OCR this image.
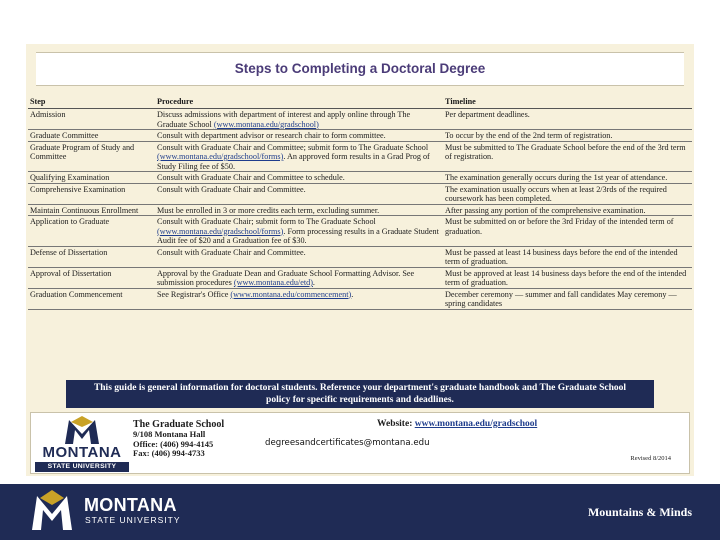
Steps to Completing a Doctoral Degree
Step	Procedure	Timeline
Admission	Discuss admissions with department of interest and apply online through The Graduate School (www.montana.edu/gradschool)	Per department deadlines.
Graduate Committee	Consult with department advisor or research chair to form committee.	To occur by the end of the 2nd term of registration.
Graduate Program of Study and Committee	Consult with Graduate Chair and Committee; submit form to The Graduate School (www.montana.edu/gradschool/forms). An approved form results in a Grad Prog of Study Filing fee of $50.	Must be submitted to The Graduate School before the end of the 3rd term of registration.
Qualifying Examination	Consult with Graduate Chair and Committee to schedule.	The examination generally occurs during the 1st year of attendance.
Comprehensive Examination	Consult with Graduate Chair and Committee.	The examination usually occurs when at least 2/3rds of the required coursework has been completed.
Maintain Continuous Enrollment	Must be enrolled in 3 or more credits each term, excluding summer.	After passing any portion of the comprehensive examination.
Application to Graduate	Consult with Graduate Chair; submit form to The Graduate School (www.montana.edu/gradschool/forms). Form processing results in a Graduate Student Audit fee of $20 and a Graduation fee of $30.	Must be submitted on or before the 3rd Friday of the intended term of graduation.
Defense of Dissertation	Consult with Graduate Chair and Committee.	Must be passed at least 14 business days before the end of the intended term of graduation.
Approval of Dissertation	Approval by the Graduate Dean and Graduate School Formatting Advisor. See submission procedures (www.montana.edu/etd).	Must be approved at least 14 business days before the end of the intended term of graduation.
Graduation Commencement	See Registrar's Office (www.montana.edu/commencement).	December ceremony — summer and fall candidates May ceremony — spring candidates
This guide is general information for doctoral students. Reference your department's graduate handbook and The Graduate School
policy for specific requirements and deadlines.
MONTANA
STATE UNIVERSITY
The Graduate School
9/108 Montana Hall
Office: (406) 994-4145
Fax: (406) 994-4733
Website: www.montana.edu/gradschool
degreesandcertificates@montana.edu
Revised 8/2014
MONTANA
STATE UNIVERSITY
Mountains & Minds
